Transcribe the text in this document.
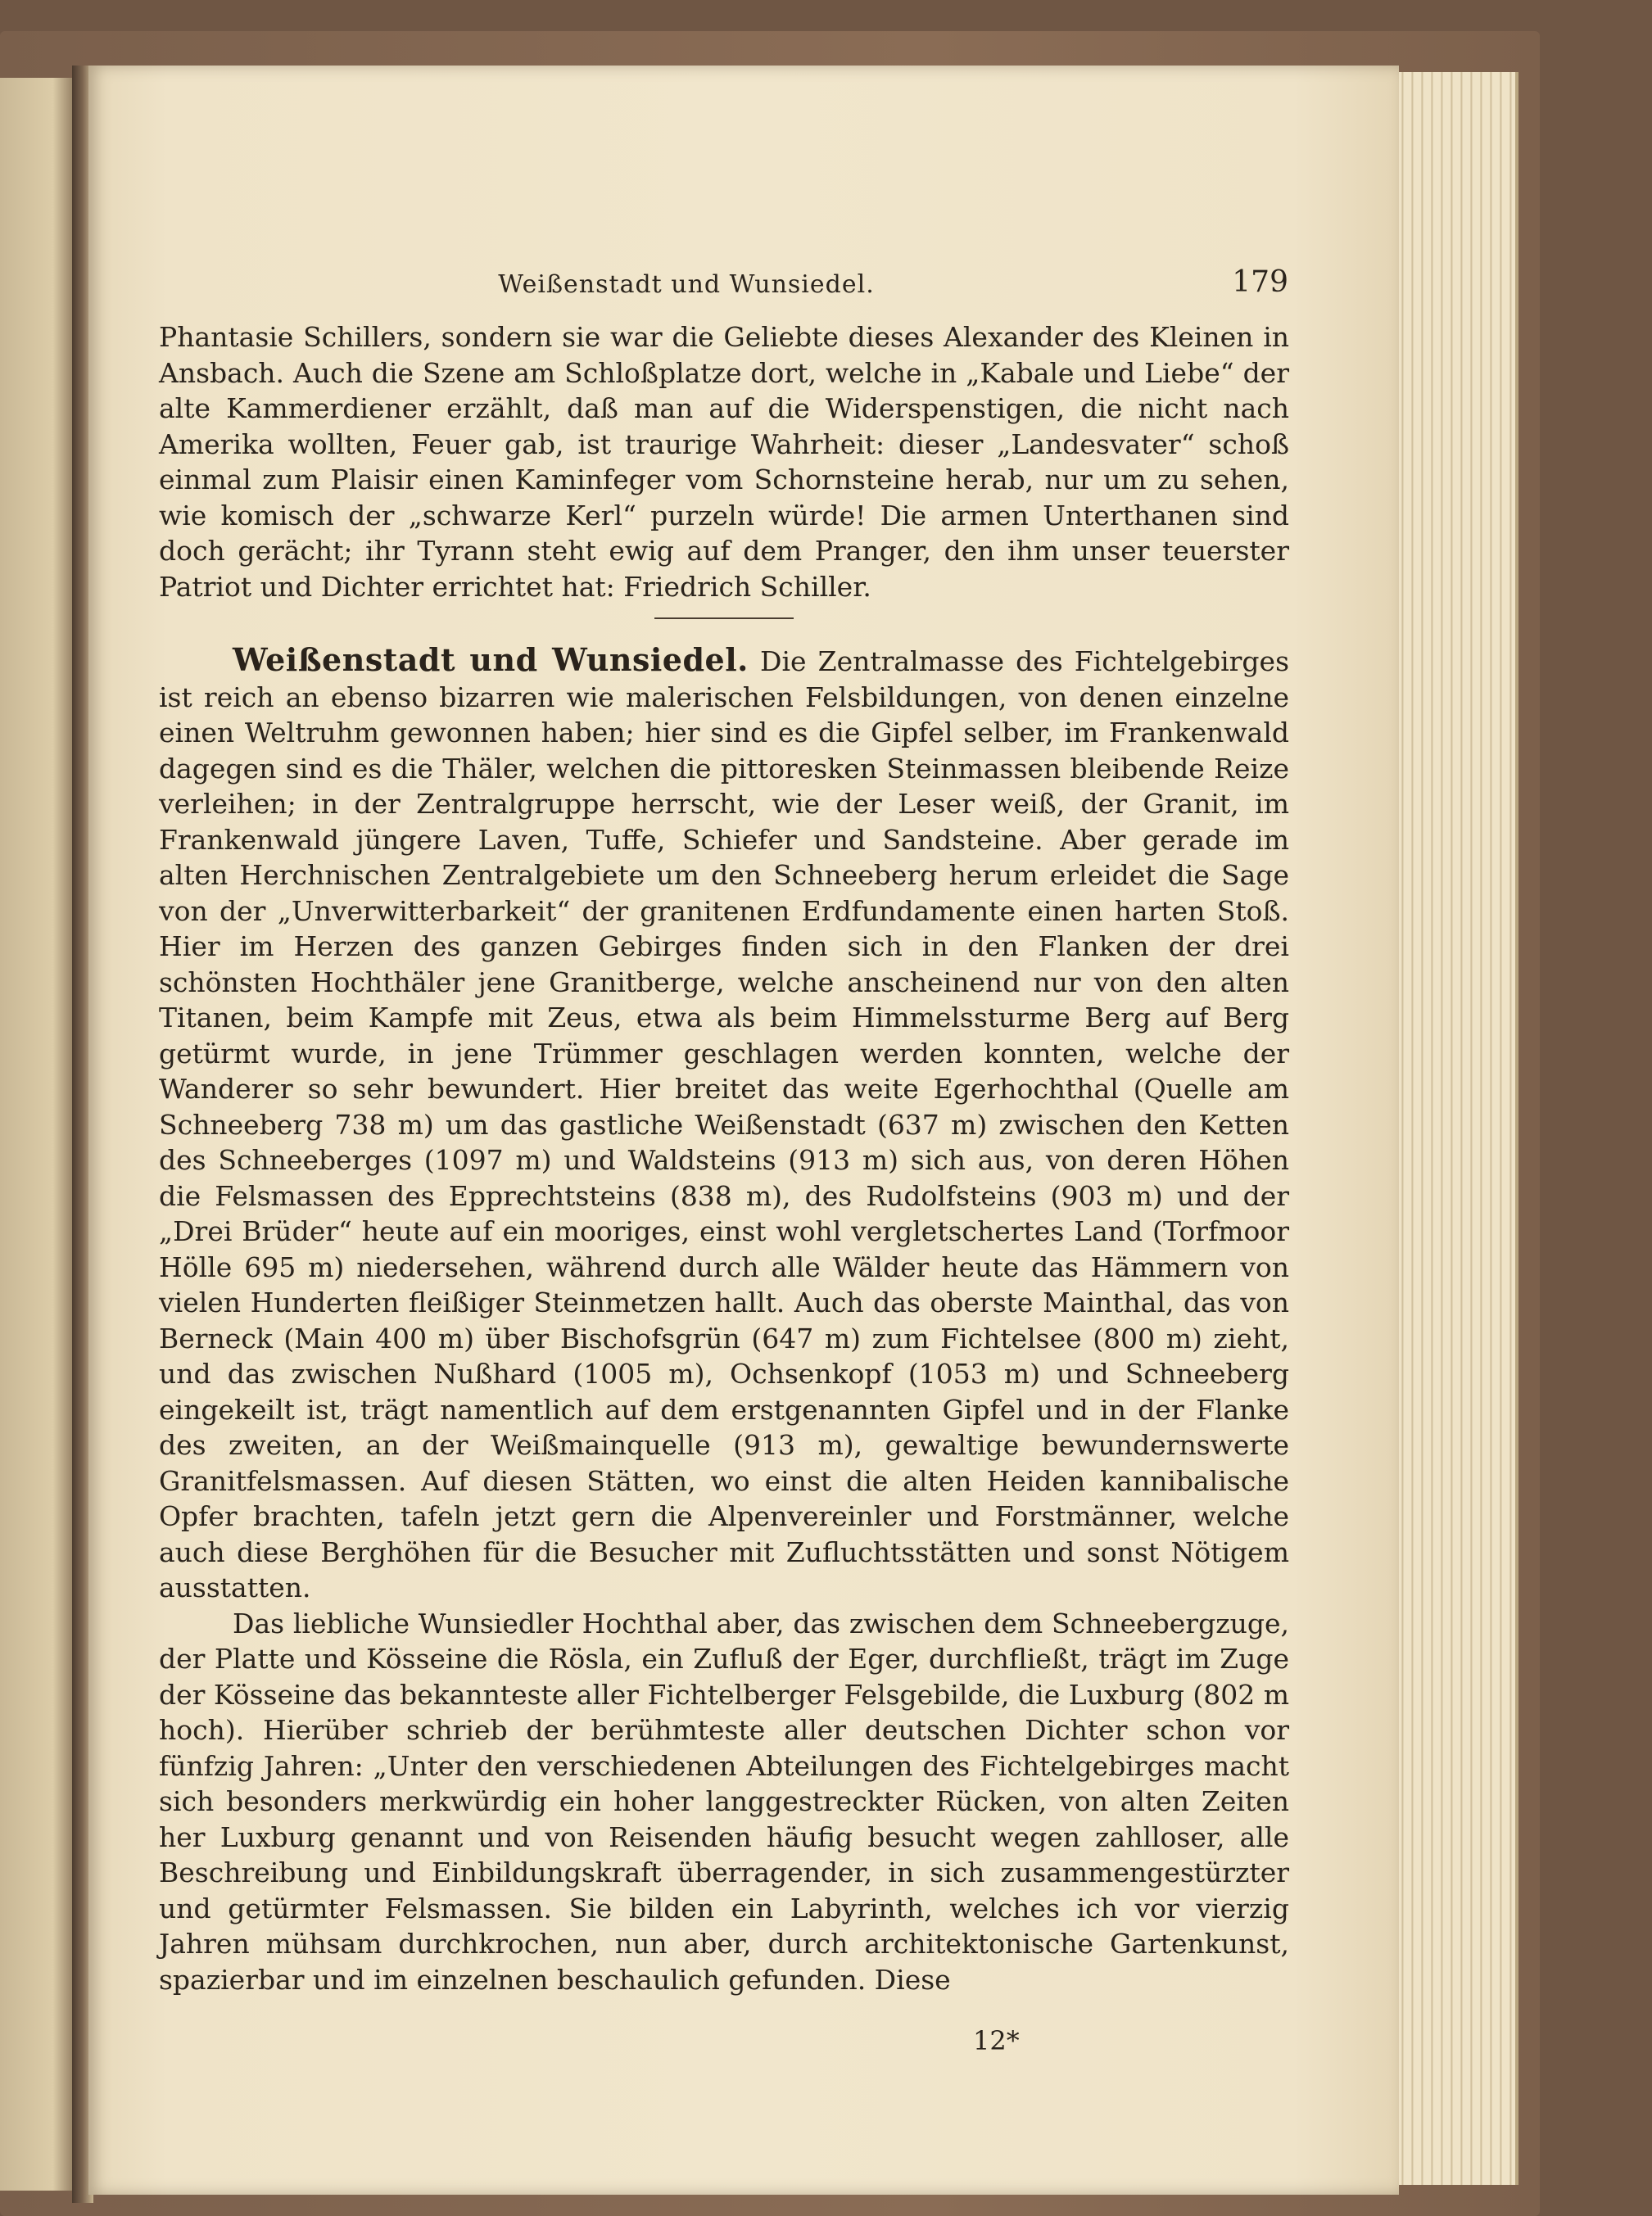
Weißenstadt und Wunsiedel.	179

Phantasie Schillers, sondern sie war die Geliebte dieses Alexander des Kleinen in Ansbach. Auch die Szene am Schloßplatze dort, welche in „Kabale und Liebe“ der alte Kammerdiener erzählt, daß man auf die Widerspenstigen, die nicht nach Amerika wollten, Feuer gab, ist traurige Wahrheit: dieser „Landesvater“ schoß einmal zum Plaisir einen Kaminfeger vom Schornsteine herab, nur um zu sehen, wie komisch der „schwarze Kerl“ purzeln würde! Die armen Unterthanen sind doch gerächt; ihr Tyrann steht ewig auf dem Pranger, den ihm unser teuerster Patriot und Dichter errichtet hat: Friedrich Schiller.

Weißenstadt und Wunsiedel. Die Zentralmasse des Fichtelgebirges ist reich an ebenso bizarren wie malerischen Felsbildungen, von denen einzelne einen Weltruhm gewonnen haben; hier sind es die Gipfel selber, im Frankenwald dagegen sind es die Thäler, welchen die pittoresken Steinmassen bleibende Reize verleihen; in der Zentralgruppe herrscht, wie der Leser weiß, der Granit, im Frankenwald jüngere Laven, Tuffe, Schiefer und Sandsteine. Aber gerade im alten Herchnischen Zentralgebiete um den Schneeberg herum erleidet die Sage von der „Unverwitterbarkeit“ der granitenen Erdfundamente einen harten Stoß. Hier im Herzen des ganzen Gebirges finden sich in den Flanken der drei schönsten Hochthäler jene Granitberge, welche anscheinend nur von den alten Titanen, beim Kampfe mit Zeus, etwa als beim Himmelssturme Berg auf Berg getürmt wurde, in jene Trümmer geschlagen werden konnten, welche der Wanderer so sehr bewundert. Hier breitet das weite Egerhochthal (Quelle am Schneeberg 738 m) um das gastliche Weißenstadt (637 m) zwischen den Ketten des Schneeberges (1097 m) und Waldsteins (913 m) sich aus, von deren Höhen die Felsmassen des Epprechtsteins (838 m), des Rudolfsteins (903 m) und der „Drei Brüder“ heute auf ein mooriges, einst wohl vergletschertes Land (Torfmoor Hölle 695 m) niedersehen, während durch alle Wälder heute das Hämmern von vielen Hunderten fleißiger Steinmetzen hallt. Auch das oberste Mainthal, das von Berneck (Main 400 m) über Bischofsgrün (647 m) zum Fichtelsee (800 m) zieht, und das zwischen Nußhard (1005 m), Ochsenkopf (1053 m) und Schneeberg eingekeilt ist, trägt namentlich auf dem erstgenannten Gipfel und in der Flanke des zweiten, an der Weißmainquelle (913 m), gewaltige bewundernswerte Granitfelsmassen. Auf diesen Stätten, wo einst die alten Heiden kannibalische Opfer brachten, tafeln jetzt gern die Alpenvereinler und Forstmänner, welche auch diese Berghöhen für die Besucher mit Zufluchtsstätten und sonst Nötigem ausstatten.

Das liebliche Wunsiedler Hochthal aber, das zwischen dem Schneebergzuge, der Platte und Kösseine die Rösla, ein Zufluß der Eger, durchfließt, trägt im Zuge der Kösseine das bekannteste aller Fichtelberger Felsgebilde, die Luxburg (802 m hoch). Hierüber schrieb der berühmteste aller deutschen Dichter schon vor fünfzig Jahren: „Unter den verschiedenen Abteilungen des Fichtelgebirges macht sich besonders merkwürdig ein hoher langgestreckter Rücken, von alten Zeiten her Luxburg genannt und von Reisenden häufig besucht wegen zahlloser, alle Beschreibung und Einbildungskraft überragender, in sich zusammengestürzter und getürmter Felsmassen. Sie bilden ein Labyrinth, welches ich vor vierzig Jahren mühsam durchkrochen, nun aber, durch architektonische Gartenkunst, spazierbar und im einzelnen beschaulich gefunden. Diese

12*
